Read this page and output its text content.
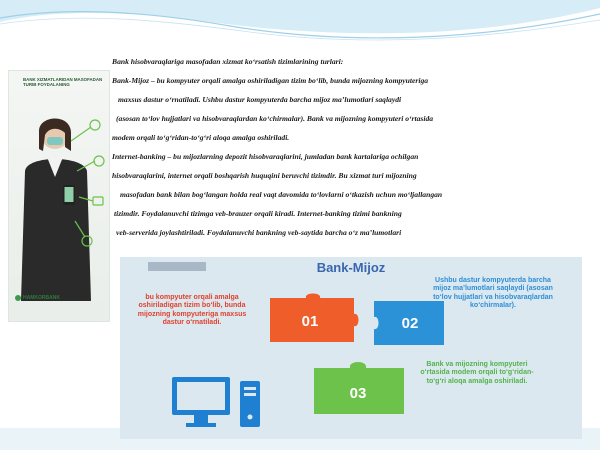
BANK XIZMATLARIDAN MASOFADAN TURIB FOYDALANING
HAMKORBANK

Bank hisobvaraqlariga masofadan xizmat ko‘rsatish tizimlarining turlari:

Bank-Mijoz – bu kompyuter orqali amalga oshiriladigan tizim bo‘lib, bunda mijozning kompyuteriga

maxsus dastur o‘rnatiladi. Ushbu dastur kompyuterda barcha mijoz ma’lumotlari saqlaydi

(asosan to‘lov hujjatlari va hisobvaraqlardan ko‘chirmalar). Bank va mijozning kompyuteri o‘rtasida

modem orqali to‘g‘ridan-to‘g‘ri aloqa amalga oshiriladi.

Internet-banking – bu mijozlarning depozit hisobvaraqlarini, jumladan bank kartalariga ochilgan

hisobvaraqlarini, internet orqali boshqarish huquqini beruvchi tizimdir. Bu xizmat turi mijozning

masofadan bank bilan bog‘langan holda real vaqt davomida to‘lovlarni o‘tkazish uchun mo‘ljallangan

tizimdir. Foydalanuvchi tizimga veb-brauzer orqali kiradi. Internet-banking tizimi bankning

veb-serverida joylashtiriladi. Foydalanuvchi bankning veb-saytida barcha o‘z ma’lumotlari

Bank-Mijoz
bu kompyuter orqali amalga oshiriladigan tizim bo‘lib, bunda mijozning kompyuteriga maxsus dastur o‘rnatiladi.
Ushbu dastur kompyuterda barcha mijoz ma’lumotlari saqlaydi (asosan to‘lov hujjatlari va hisobvaraqlardan ko‘chirmalar).
Bank va mijozning kompyuteri o‘rtasida modem orqali to‘g‘ridan-to‘g‘ri aloqa amalga oshiriladi.
01	02
03
